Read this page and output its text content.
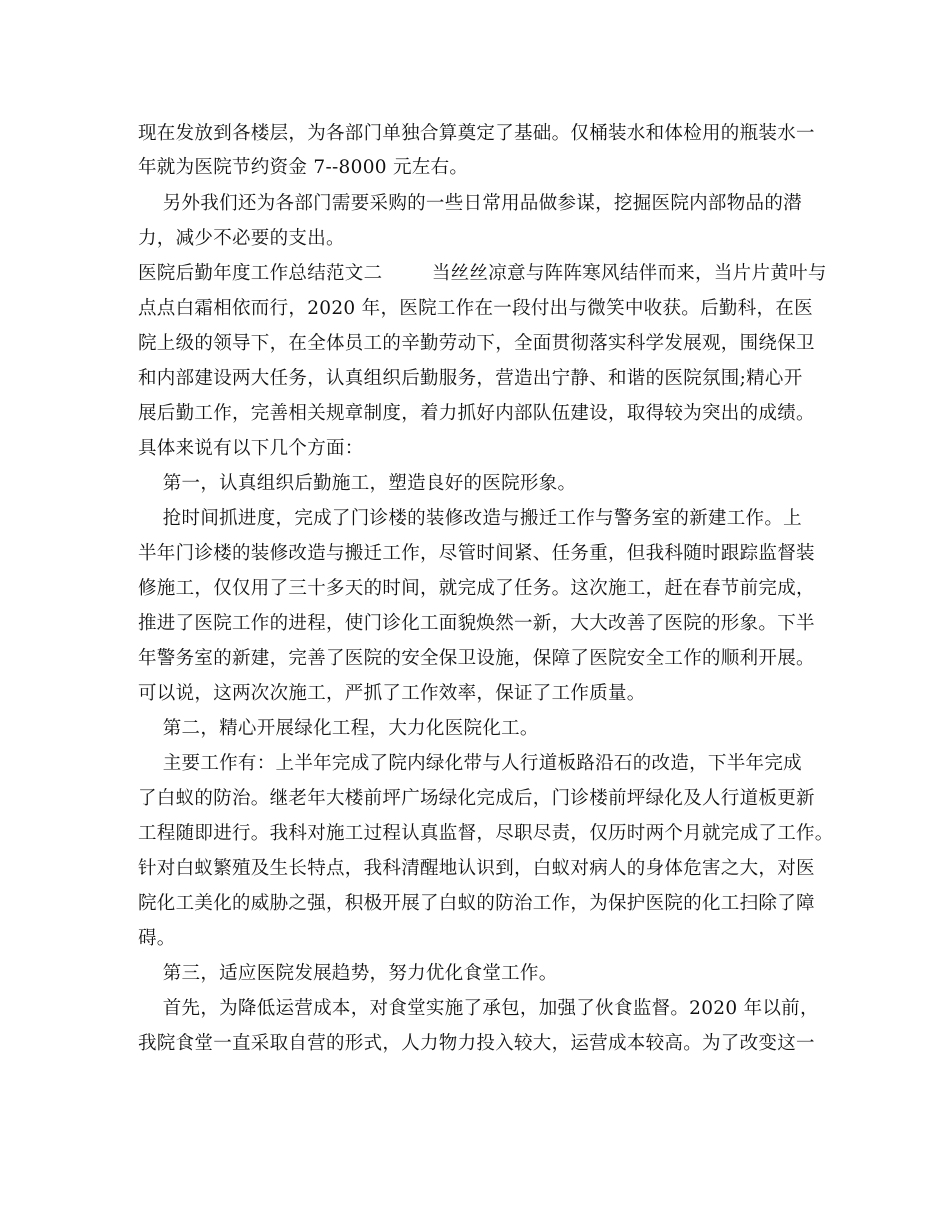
现在发放到各楼层，为各部门单独合算奠定了基础。仅桶装水和体检用的瓶装水一
年就为医院节约资金 7--8000 元左右。
另外我们还为各部门需要采购的一些日常用品做参谋，挖掘医院内部物品的潜
力，减少不必要的支出。
医院后勤年度工作总结范文二        当丝丝凉意与阵阵寒风结伴而来，当片片黄叶与
点点白霜相依而行，2020 年，医院工作在一段付出与微笑中收获。后勤科，在医
院上级的领导下，在全体员工的辛勤劳动下，全面贯彻落实科学发展观，围绕保卫
和内部建设两大任务，认真组织后勤服务，营造出宁静、和谐的医院氛围;精心开
展后勤工作，完善相关规章制度，着力抓好内部队伍建设，取得较为突出的成绩。
具体来说有以下几个方面：
第一，认真组织后勤施工，塑造良好的医院形象。
抢时间抓进度，完成了门诊楼的装修改造与搬迁工作与警务室的新建工作。上
半年门诊楼的装修改造与搬迁工作，尽管时间紧、任务重，但我科随时跟踪监督装
修施工，仅仅用了三十多天的时间，就完成了任务。这次施工，赶在春节前完成，
推进了医院工作的进程，使门诊化工面貌焕然一新，大大改善了医院的形象。下半
年警务室的新建，完善了医院的安全保卫设施，保障了医院安全工作的顺利开展。
可以说，这两次次施工，严抓了工作效率，保证了工作质量。
第二，精心开展绿化工程，大力化医院化工。
主要工作有：上半年完成了院内绿化带与人行道板路沿石的改造，下半年完成
了白蚁的防治。继老年大楼前坪广场绿化完成后，门诊楼前坪绿化及人行道板更新
工程随即进行。我科对施工过程认真监督，尽职尽责，仅历时两个月就完成了工作。
针对白蚁繁殖及生长特点，我科清醒地认识到，白蚁对病人的身体危害之大，对医
院化工美化的威胁之强，积极开展了白蚁的防治工作，为保护医院的化工扫除了障
碍。
第三，适应医院发展趋势，努力优化食堂工作。
首先，为降低运营成本，对食堂实施了承包，加强了伙食监督。2020 年以前，
我院食堂一直采取自营的形式，人力物力投入较大，运营成本较高。为了改变这一
